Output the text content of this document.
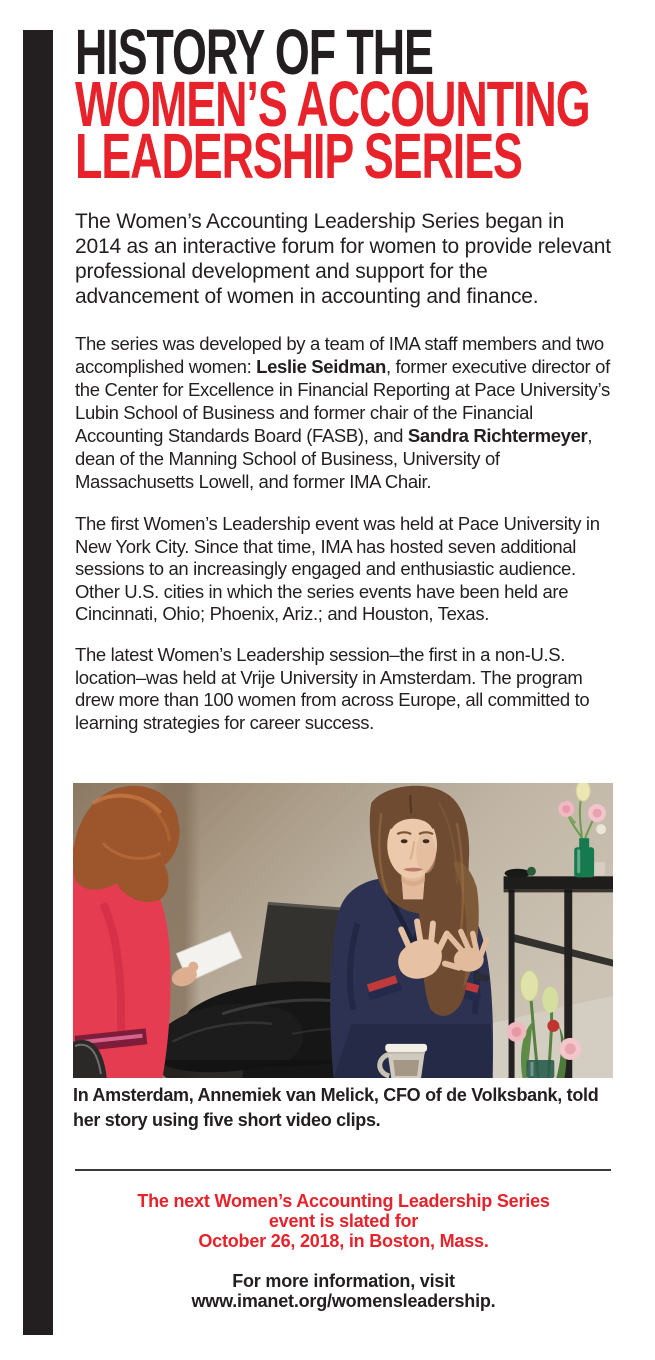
HISTORY OF THE
WOMEN’S ACCOUNTING
LEADERSHIP SERIES

The Women’s Accounting Leadership Series began in 2014 as an interactive forum for women to provide relevant professional development and support for the advancement of women in accounting and finance.

The series was developed by a team of IMA staff members and two accomplished women: Leslie Seidman, former executive director of the Center for Excellence in Financial Reporting at Pace University’s Lubin School of Business and former chair of the Financial Accounting Standards Board (FASB), and Sandra Richtermeyer, dean of the Manning School of Business, University of Massachusetts Lowell, and former IMA Chair.

The first Women’s Leadership event was held at Pace University in New York City. Since that time, IMA has hosted seven additional sessions to an increasingly engaged and enthusiastic audience. Other U.S. cities in which the series events have been held are Cincinnati, Ohio; Phoenix, Ariz.; and Houston, Texas.

The latest Women’s Leadership session–the first in a non-U.S. location–was held at Vrije University in Amsterdam. The program drew more than 100 women from across Europe, all committed to learning strategies for career success.

In Amsterdam, Annemiek van Melick, CFO of de Volksbank, told her story using five short video clips.

The next Women’s Accounting Leadership Series
event is slated for
October 26, 2018, in Boston, Mass.
For more information, visit
www.imanet.org/womensleadership.
